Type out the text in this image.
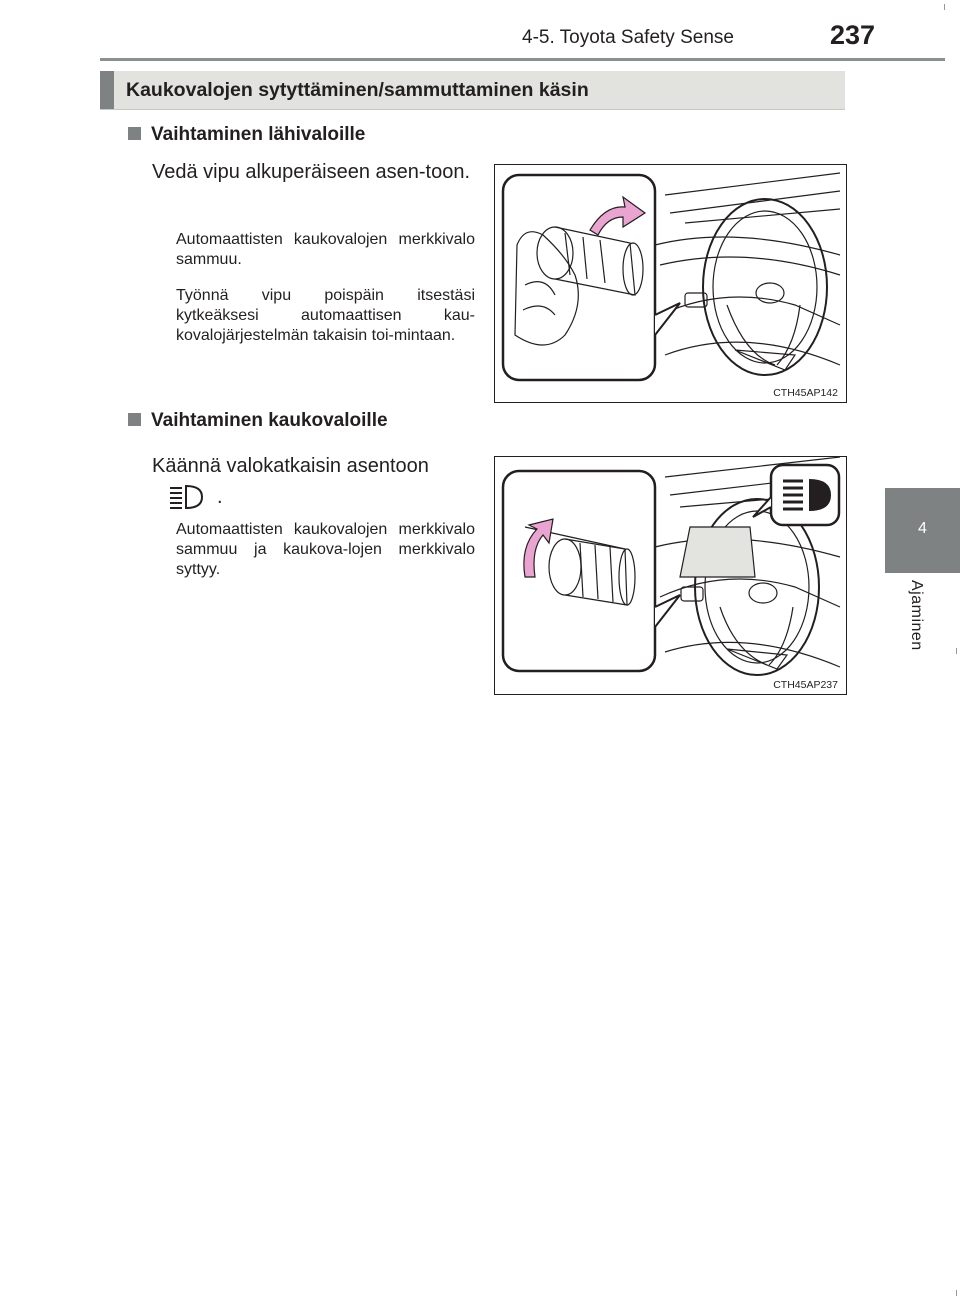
4-5. Toyota Safety Sense	237
4
Ajaminen
Kaukovalojen sytyttäminen/sammuttaminen käsin
Vaihtaminen lähivaloille
Vedä vipu alkuperäiseen asen-toon.
Automaattisten kaukovalojen merkkivalo sammuu.
Työnnä vipu poispäin itsestäsi kytkeäksesi automaattisen kau-kovalojärjestelmän takaisin toi-mintaan.
CTH45AP142
Vaihtaminen kaukovaloille
Käännä valokatkaisin asentoon
.
Automaattisten kaukovalojen merkkivalo sammuu ja kaukova-lojen merkkivalo syttyy.
CTH45AP237
